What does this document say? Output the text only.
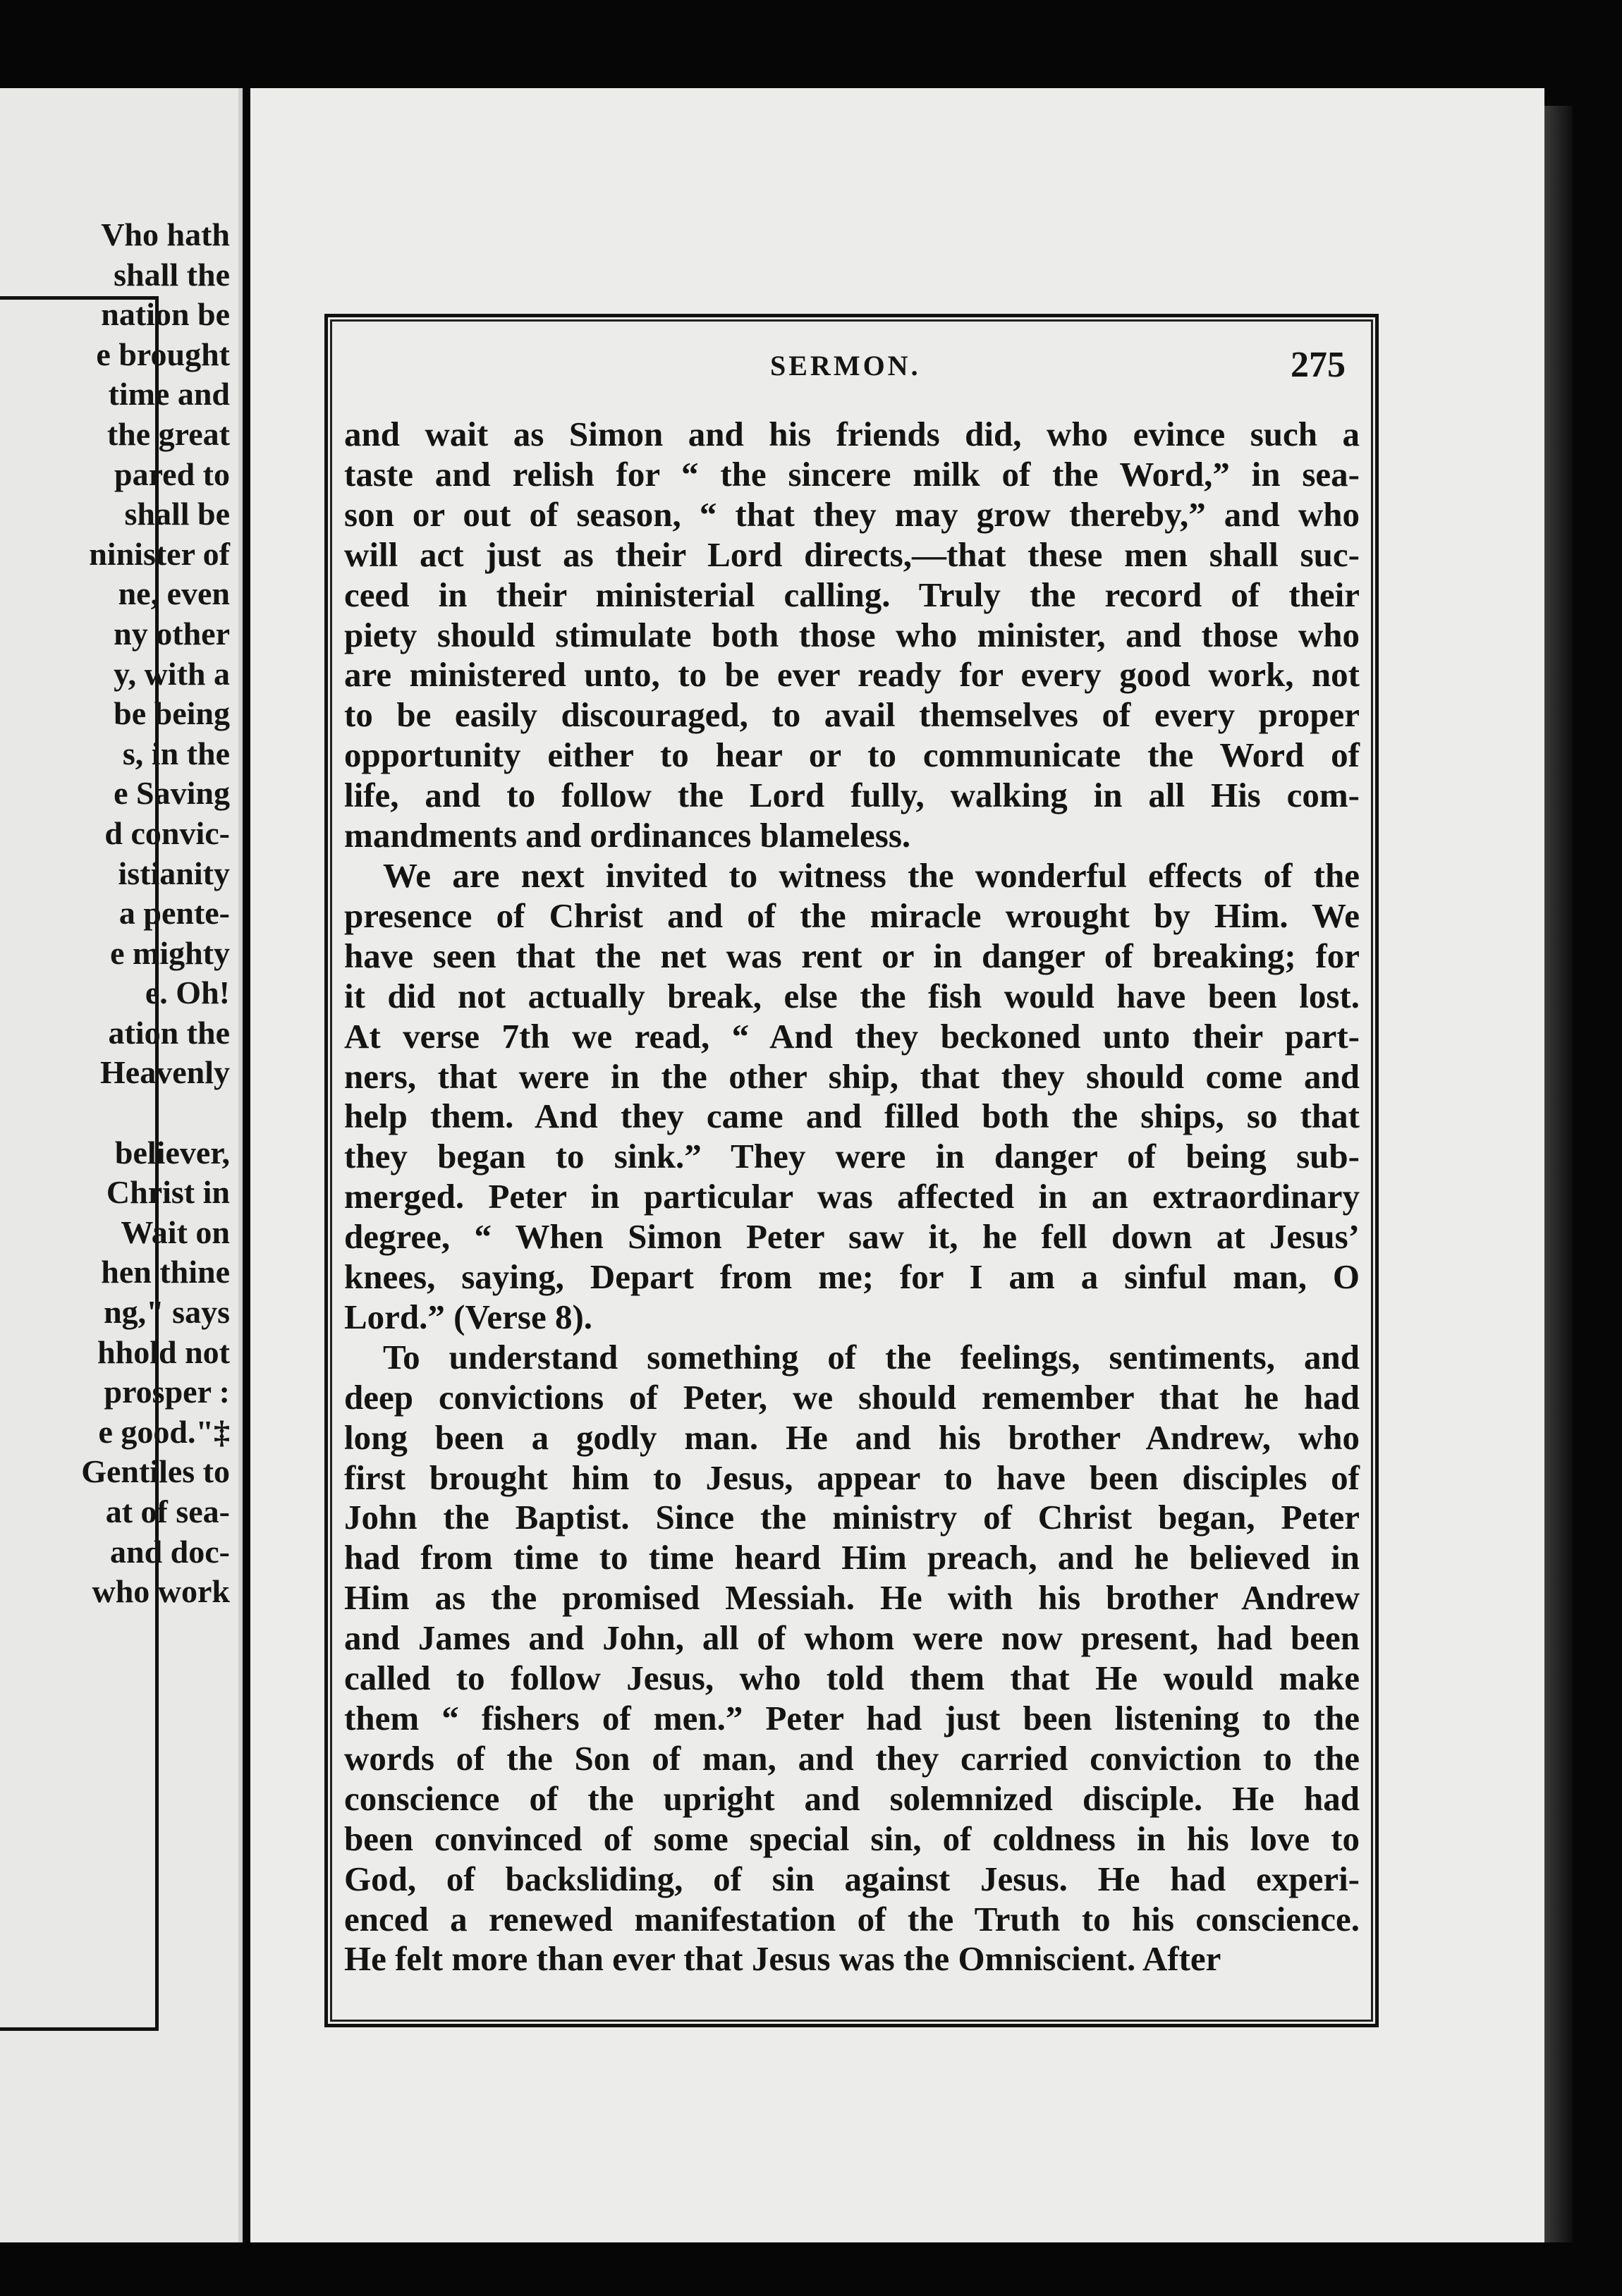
Vho hath
shall the
nation be
e brought
time and
the great
pared to
shall be
ninister of
ne, even
ny other
y, with a
be being
s, in the
e Saving
d convic-
istianity
a pente-
e mighty
e. Oh!
ation the
Heavenly

believer,
Christ in
Wait on
hen thine
ng," says
hhold not
prosper :
e good."‡
Gentiles to
at of sea-
and doc-
who work

SERMON.	275
and wait as Simon and his friends did, who evince such a
taste and relish for “ the sincere milk of the Word,” in sea-
son or out of season, “ that they may grow thereby,” and who
will act just as their Lord directs,—that these men shall suc-
ceed in their ministerial calling. Truly the record of their
piety should stimulate both those who minister, and those who
are ministered unto, to be ever ready for every good work, not
to be easily discouraged, to avail themselves of every proper
opportunity either to hear or to communicate the Word of
life, and to follow the Lord fully, walking in all His com-
mandments and ordinances blameless.
We are next invited to witness the wonderful effects of the
presence of Christ and of the miracle wrought by Him. We
have seen that the net was rent or in danger of breaking; for
it did not actually break, else the fish would have been lost.
At verse 7th we read, “ And they beckoned unto their part-
ners, that were in the other ship, that they should come and
help them. And they came and filled both the ships, so that
they began to sink.” They were in danger of being sub-
merged. Peter in particular was affected in an extraordinary
degree, “ When Simon Peter saw it, he fell down at Jesus’
knees, saying, Depart from me; for I am a sinful man, O
Lord.” (Verse 8).
To understand something of the feelings, sentiments, and
deep convictions of Peter, we should remember that he had
long been a godly man. He and his brother Andrew, who
first brought him to Jesus, appear to have been disciples of
John the Baptist. Since the ministry of Christ began, Peter
had from time to time heard Him preach, and he believed in
Him as the promised Messiah. He with his brother Andrew
and James and John, all of whom were now present, had been
called to follow Jesus, who told them that He would make
them “ fishers of men.” Peter had just been listening to the
words of the Son of man, and they carried conviction to the
conscience of the upright and solemnized disciple. He had
been convinced of some special sin, of coldness in his love to
God, of backsliding, of sin against Jesus. He had experi-
enced a renewed manifestation of the Truth to his conscience.
He felt more than ever that Jesus was the Omniscient. After
